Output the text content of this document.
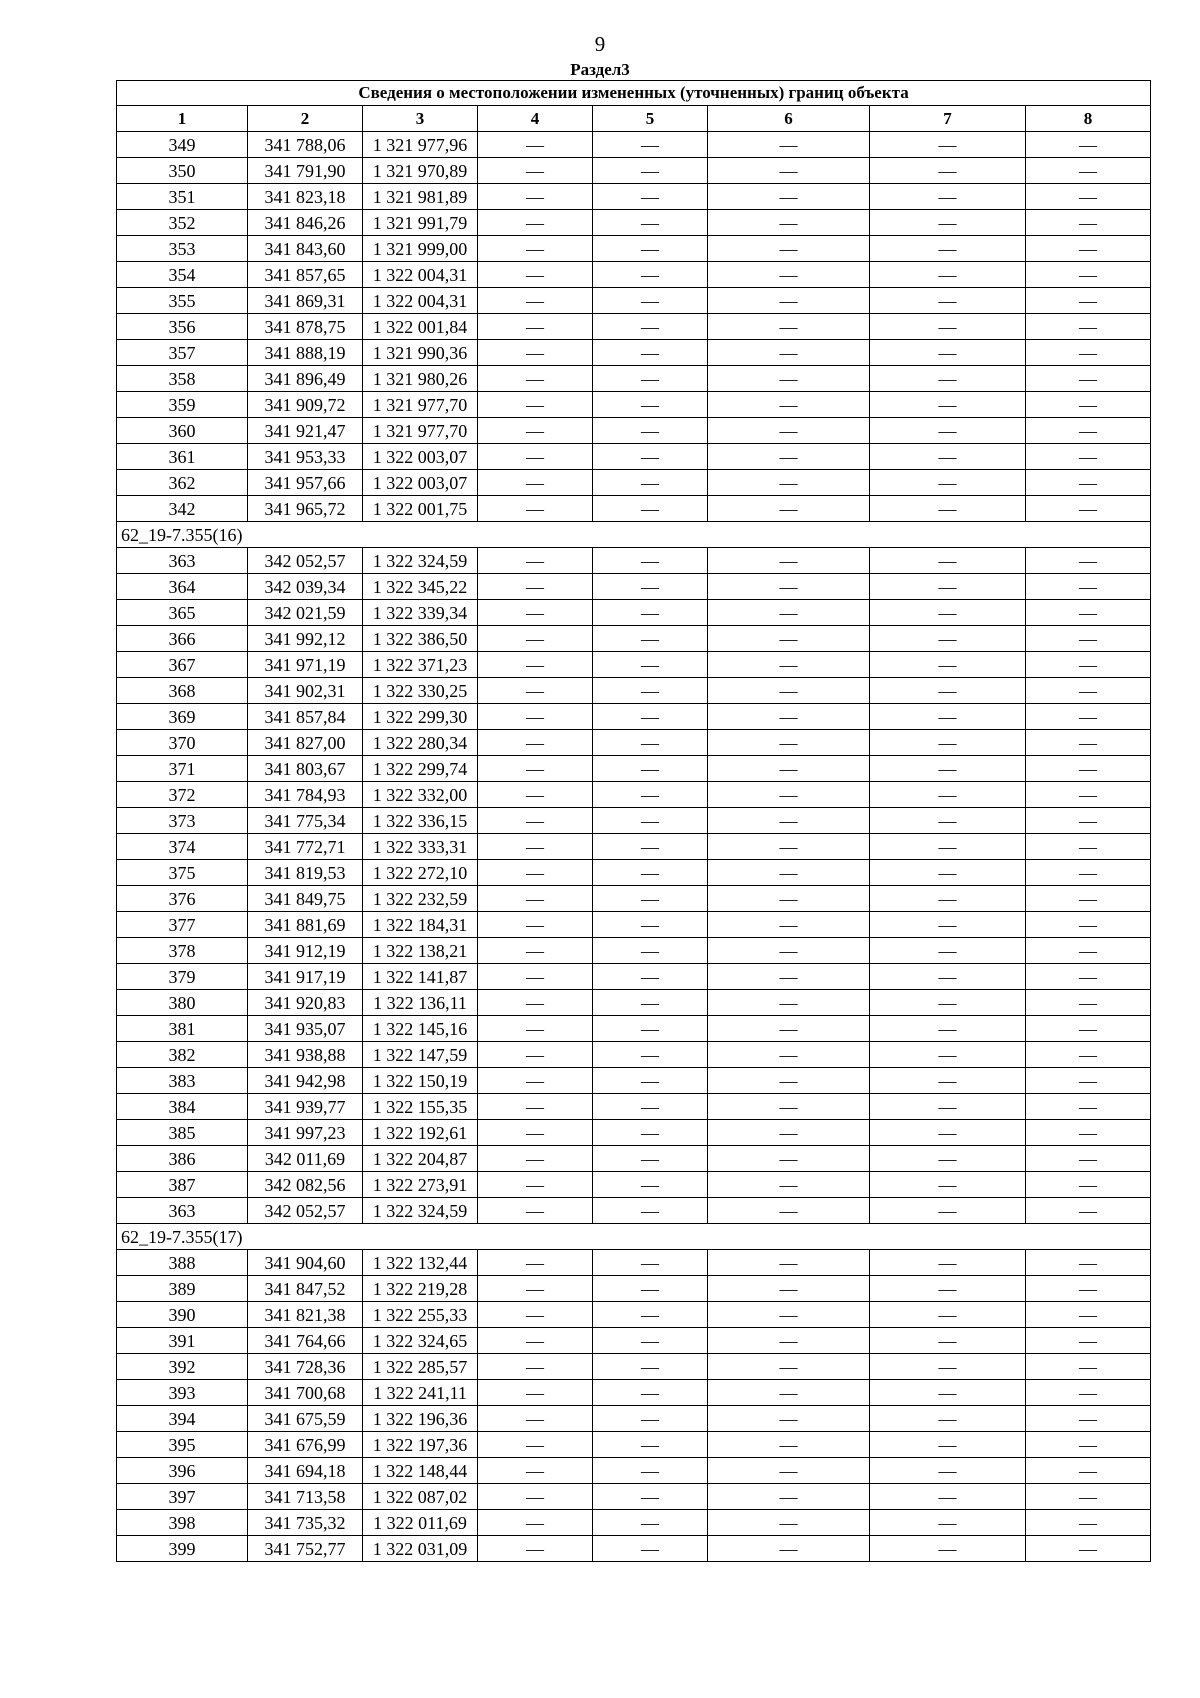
9
Раздел3
Сведения о местоположении измененных (уточненных) границ объекта							
1	2	3	4	5	6	7	8
349	341 788,06	1 321 977,96	—	—	—	—	—
350	341 791,90	1 321 970,89	—	—	—	—	—
351	341 823,18	1 321 981,89	—	—	—	—	—
352	341 846,26	1 321 991,79	—	—	—	—	—
353	341 843,60	1 321 999,00	—	—	—	—	—
354	341 857,65	1 322 004,31	—	—	—	—	—
355	341 869,31	1 322 004,31	—	—	—	—	—
356	341 878,75	1 322 001,84	—	—	—	—	—
357	341 888,19	1 321 990,36	—	—	—	—	—
358	341 896,49	1 321 980,26	—	—	—	—	—
359	341 909,72	1 321 977,70	—	—	—	—	—
360	341 921,47	1 321 977,70	—	—	—	—	—
361	341 953,33	1 322 003,07	—	—	—	—	—
362	341 957,66	1 322 003,07	—	—	—	—	—
342	341 965,72	1 322 001,75	—	—	—	—	—
62_19-7.355(16)							
363	342 052,57	1 322 324,59	—	—	—	—	—
364	342 039,34	1 322 345,22	—	—	—	—	—
365	342 021,59	1 322 339,34	—	—	—	—	—
366	341 992,12	1 322 386,50	—	—	—	—	—
367	341 971,19	1 322 371,23	—	—	—	—	—
368	341 902,31	1 322 330,25	—	—	—	—	—
369	341 857,84	1 322 299,30	—	—	—	—	—
370	341 827,00	1 322 280,34	—	—	—	—	—
371	341 803,67	1 322 299,74	—	—	—	—	—
372	341 784,93	1 322 332,00	—	—	—	—	—
373	341 775,34	1 322 336,15	—	—	—	—	—
374	341 772,71	1 322 333,31	—	—	—	—	—
375	341 819,53	1 322 272,10	—	—	—	—	—
376	341 849,75	1 322 232,59	—	—	—	—	—
377	341 881,69	1 322 184,31	—	—	—	—	—
378	341 912,19	1 322 138,21	—	—	—	—	—
379	341 917,19	1 322 141,87	—	—	—	—	—
380	341 920,83	1 322 136,11	—	—	—	—	—
381	341 935,07	1 322 145,16	—	—	—	—	—
382	341 938,88	1 322 147,59	—	—	—	—	—
383	341 942,98	1 322 150,19	—	—	—	—	—
384	341 939,77	1 322 155,35	—	—	—	—	—
385	341 997,23	1 322 192,61	—	—	—	—	—
386	342 011,69	1 322 204,87	—	—	—	—	—
387	342 082,56	1 322 273,91	—	—	—	—	—
363	342 052,57	1 322 324,59	—	—	—	—	—
62_19-7.355(17)							
388	341 904,60	1 322 132,44	—	—	—	—	—
389	341 847,52	1 322 219,28	—	—	—	—	—
390	341 821,38	1 322 255,33	—	—	—	—	—
391	341 764,66	1 322 324,65	—	—	—	—	—
392	341 728,36	1 322 285,57	—	—	—	—	—
393	341 700,68	1 322 241,11	—	—	—	—	—
394	341 675,59	1 322 196,36	—	—	—	—	—
395	341 676,99	1 322 197,36	—	—	—	—	—
396	341 694,18	1 322 148,44	—	—	—	—	—
397	341 713,58	1 322 087,02	—	—	—	—	—
398	341 735,32	1 322 011,69	—	—	—	—	—
399	341 752,77	1 322 031,09	—	—	—	—	—
